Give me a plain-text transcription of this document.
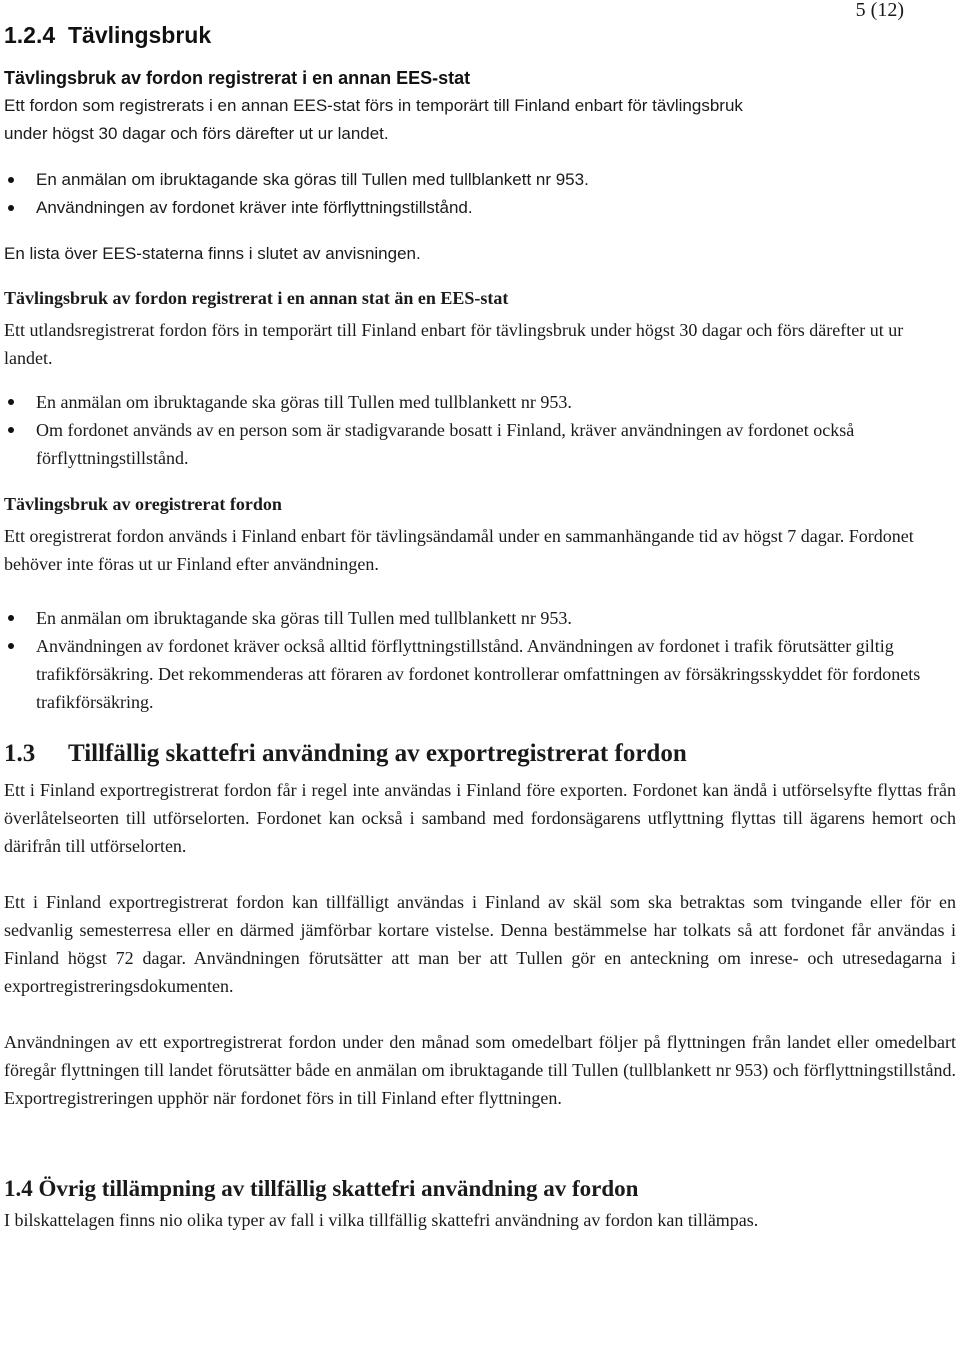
5 (12)
1.2.4 Tävlingsbruk
Tävlingsbruk av fordon registrerat i en annan EES-stat

Ett fordon som registrerats i en annan EES-stat förs in temporärt till Finland enbart för tävlingsbruk

under högst 30 dagar och förs därefter ut ur landet.

En anmälan om ibruktagande ska göras till Tullen med tullblankett nr 953.
Användningen av fordonet kräver inte förflyttningstillstånd.

En lista över EES-staterna finns i slutet av anvisningen.

Tävlingsbruk av fordon registrerat i en annan stat än en EES-stat

Ett utlandsregistrerat fordon förs in temporärt till Finland enbart för tävlingsbruk under högst 30 dagar och förs därefter ut ur landet.

En anmälan om ibruktagande ska göras till Tullen med tullblankett nr 953.
Om fordonet används av en person som är stadigvarande bosatt i Finland, kräver användningen av fordonet också förflyttningstillstånd.
Tävlingsbruk av oregistrerat fordon

Ett oregistrerat fordon används i Finland enbart för tävlingsändamål under en sammanhängande tid av högst 7 dagar. Fordonet behöver inte föras ut ur Finland efter användningen.

En anmälan om ibruktagande ska göras till Tullen med tullblankett nr 953.
Användningen av fordonet kräver också alltid förflyttningstillstånd. Användningen av fordonet i trafik förutsätter giltig trafikförsäkring. Det rekommenderas att föraren av fordonet kontrollerar omfattningen av försäkringsskyddet för fordonets trafikförsäkring.
1.3 Tillfällig skattefri användning av exportregistrerat fordon

Ett i Finland exportregistrerat fordon får i regel inte användas i Finland före exporten. Fordonet kan ändå i utförselsyfte flyttas från överlåtelseorten till utförselorten. Fordonet kan också i samband med fordonsägarens utflyttning flyttas till ägarens hemort och därifrån till utförselorten.

Ett i Finland exportregistrerat fordon kan tillfälligt användas i Finland av skäl som ska betraktas som tvingande eller för en sedvanlig semesterresa eller en därmed jämförbar kortare vistelse. Denna bestämmelse har tolkats så att fordonet får användas i Finland högst 72 dagar. Användningen förutsätter att man ber att Tullen gör en anteckning om inrese- och utresedagarna i exportregistreringsdokumenten.

Användningen av ett exportregistrerat fordon under den månad som omedelbart följer på flyttningen från landet eller omedelbart föregår flyttningen till landet förutsätter både en anmälan om ibruktagande till Tullen (tullblankett nr 953) och förflyttningstillstånd. Exportregistreringen upphör när fordonet förs in till Finland efter flyttningen.

1.4 Övrig tillämpning av tillfällig skattefri användning av fordon

I bilskattelagen finns nio olika typer av fall i vilka tillfällig skattefri användning av fordon kan tillämpas.
